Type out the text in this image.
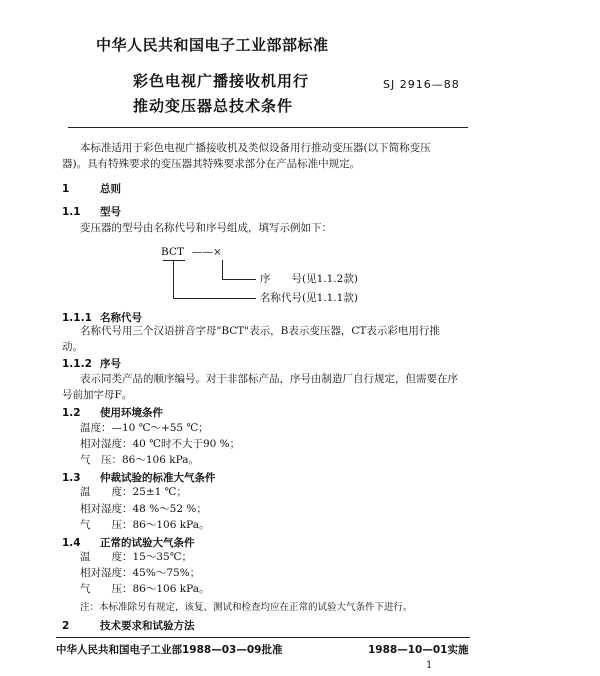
中华人民共和国电子工业部部标准
彩色电视广播接收机用行
推动变压器总技术条件
SJ 2916—88
本标准适用于彩色电视广播接收机及类似设备用行推动变压器(以下简称变压
器)。具有特殊要求的变压器其特殊要求部分在产品标准中规定。
1	总则
1.1 型号
变压器的型号由名称代号和序号组成，填写示例如下：
BCT ——×
序　　号(见1.1.2款)
名称代号(见1.1.1款)
1.1.1 名称代号
名称代号用三个汉语拼音字母"BCT"表示，B表示变压器，CT表示彩电用行推
动。
1.1.2 序号
表示同类产品的顺序编号。对于非部标产品，序号由制造厂自行规定，但需要在序
号前加字母F。
1.2 使用环境条件
温度：—10 ℃～+55 ℃；
相对湿度：40 ℃时不大于90 %；
气　压：86～106 kPa。
1.3 仲裁试验的标准大气条件
温　　度：25±1 ℃；
相对湿度：48 %～52 %；
气　　压：86～106 kPa。
1.4 正常的试验大气条件
温　　度：15～35℃；
相对湿度：45%～75%；
气　　压：86～106 kPa。
注：本标准除另有规定，该复、测试和检查均应在正常的试验大气条件下进行。
2	技术要求和试验方法
中华人民共和国电子工业部1988—03—09批准	1988—10—01实施
1
